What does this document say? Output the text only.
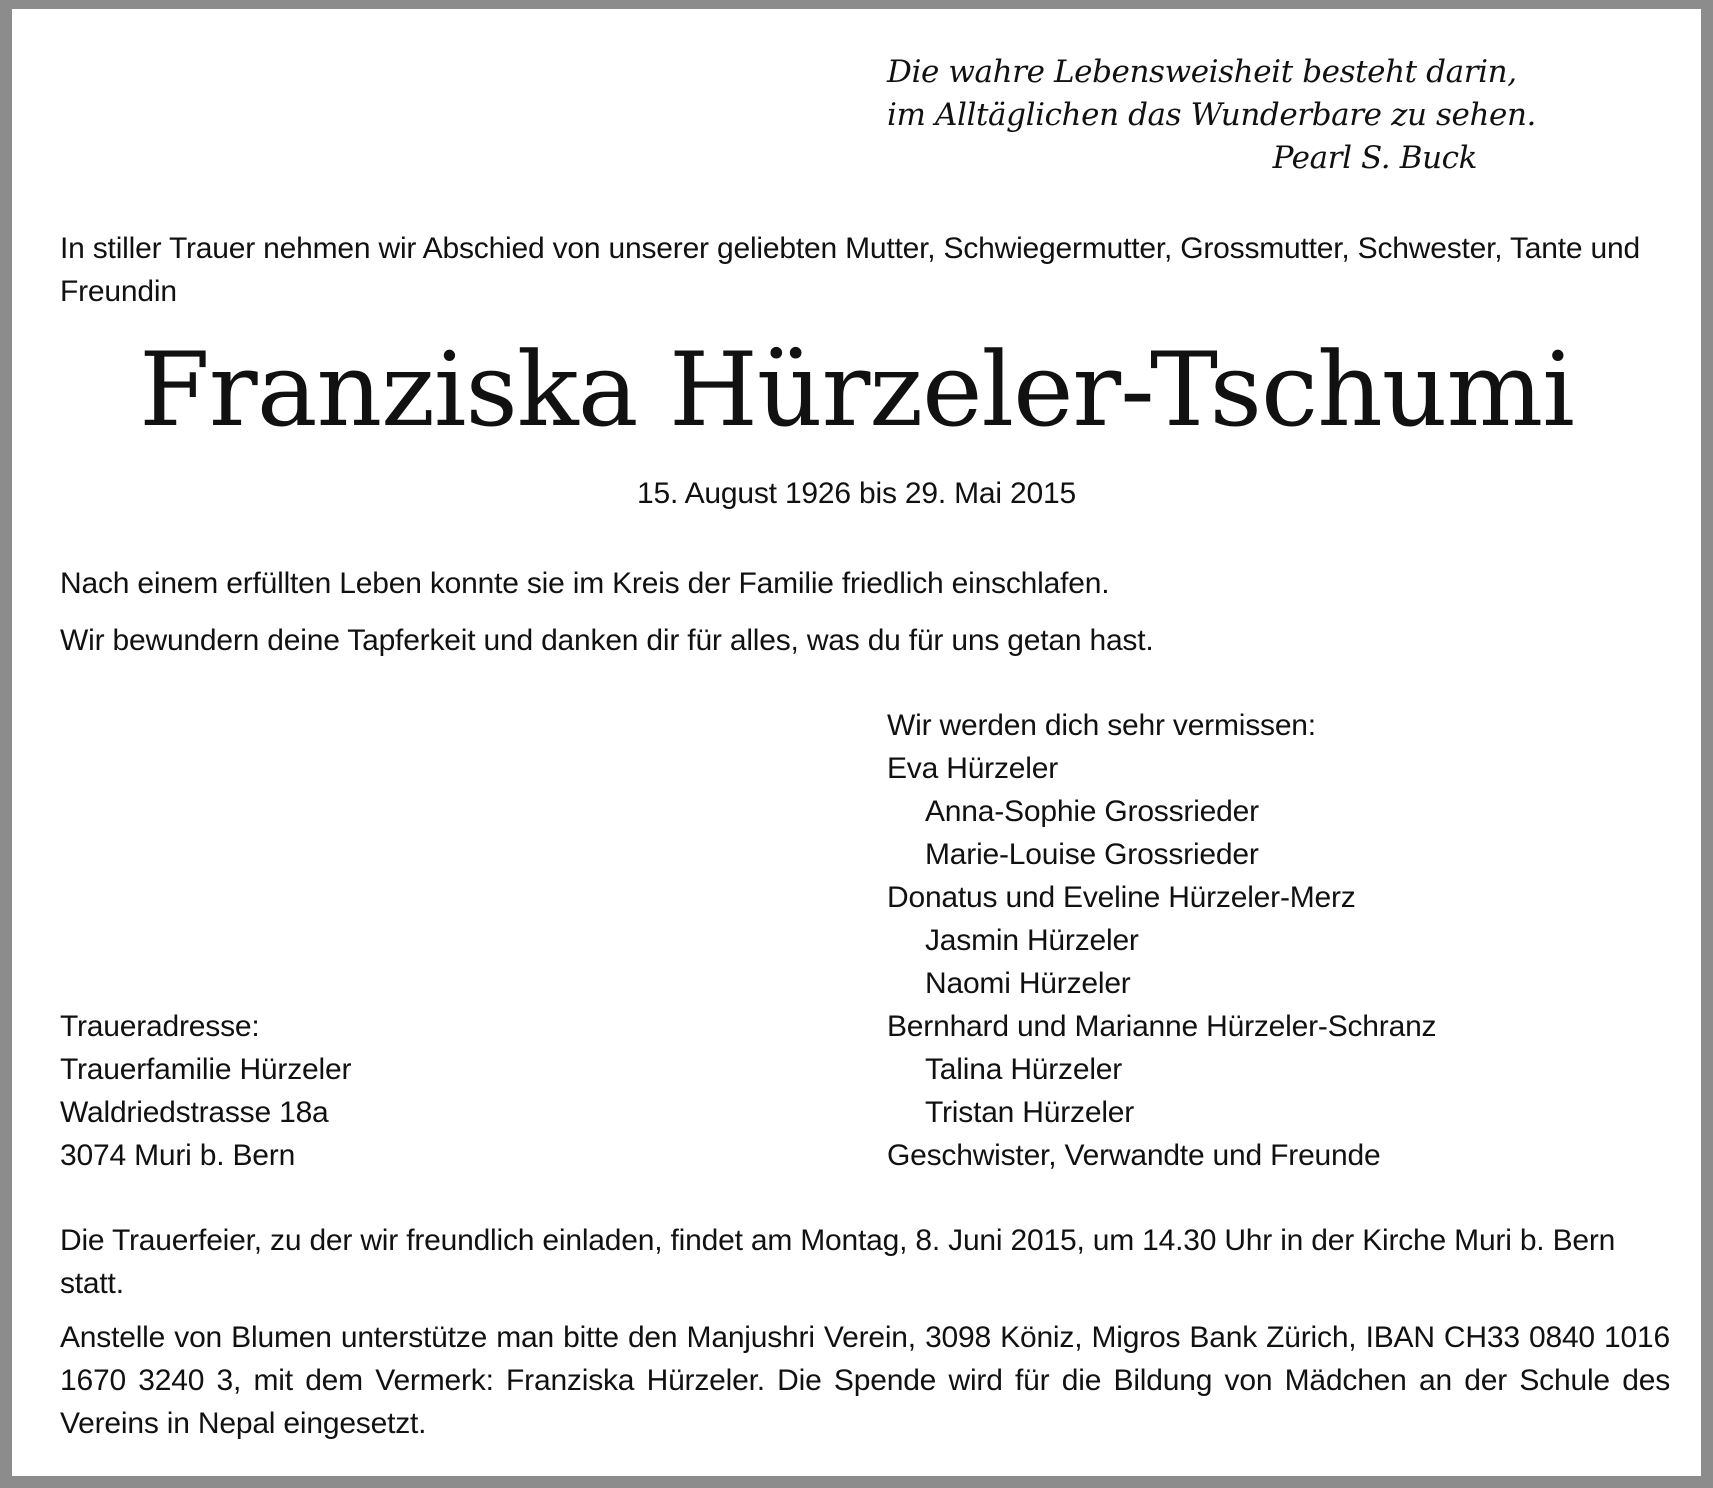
Die wahre Lebensweisheit besteht darin,
im Alltäglichen das Wunderbare zu sehen.
Pearl S. Buck
In stiller Trauer nehmen wir Abschied von unserer geliebten Mutter, Schwiegermutter, Grossmutter, Schwester, Tante und Freundin
Franziska Hürzeler-Tschumi
15. August 1926 bis 29. Mai 2015
Nach einem erfüllten Leben konnte sie im Kreis der Familie friedlich einschlafen.
Wir bewundern deine Tapferkeit und danken dir für alles, was du für uns getan hast.
Wir werden dich sehr vermissen:
Eva Hürzeler
Anna-Sophie Grossrieder
Marie-Louise Grossrieder
Donatus und Eveline Hürzeler-Merz
Jasmin Hürzeler
Naomi Hürzeler
Bernhard und Marianne Hürzeler-Schranz
Talina Hürzeler
Tristan Hürzeler
Geschwister, Verwandte und Freunde
Traueradresse:
Trauerfamilie Hürzeler
Waldriedstrasse 18a
3074 Muri b. Bern
Die Trauerfeier, zu der wir freundlich einladen, findet am Montag, 8. Juni 2015, um 14.30 Uhr in der Kirche Muri b. Bern statt.
Anstelle von Blumen unterstütze man bitte den Manjushri Verein, 3098 Köniz, Migros Bank Zürich, IBAN CH33 0840 1016 1670 3240 3, mit dem Vermerk: Franziska Hürzeler. Die Spende wird für die Bildung von Mädchen an der Schule des Vereins in Nepal eingesetzt.
